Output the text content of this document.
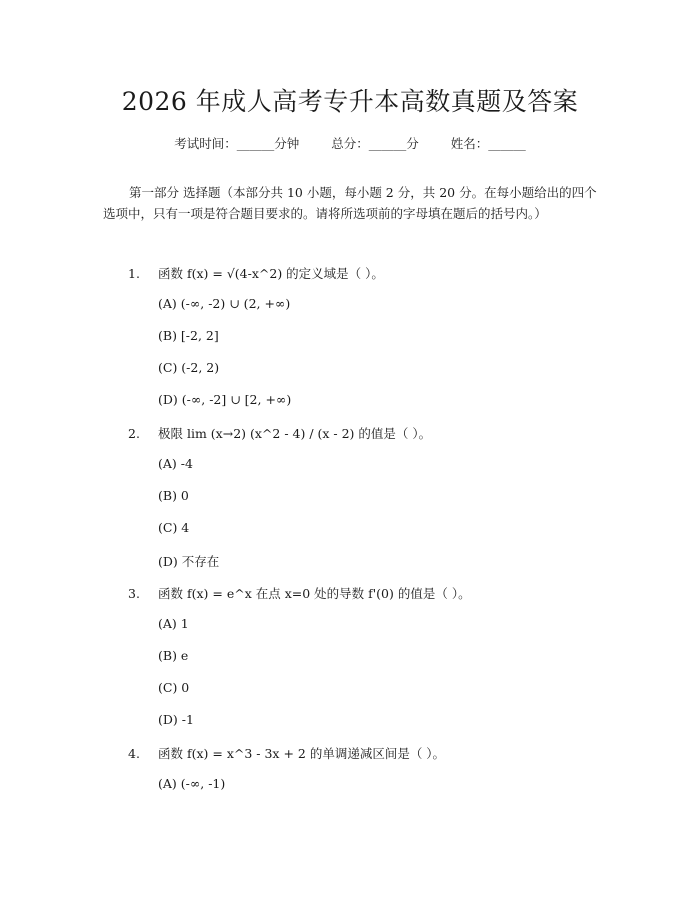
2026 年成人高考专升本高数真题及答案
考试时间：______分钟	总分：______分	姓名：______
第一部分 选择题（本部分共 10 小题，每小题 2 分，共 20 分。在每小题给出的四个选项中，只有一项是符合题目要求的。请将所选项前的字母填在题后的括号内。）
1. 函数 f(x) = √(4-x^2) 的定义域是（ ）。
(A) (-∞, -2) ∪ (2, +∞)
(B) [-2, 2]
(C) (-2, 2)
(D) (-∞, -2] ∪ [2, +∞)
2. 极限 lim (x→2) (x^2 - 4) / (x - 2) 的值是（ ）。
(A) -4
(B) 0
(C) 4
(D) 不存在
3. 函数 f(x) = e^x 在点 x=0 处的导数 f'(0) 的值是（ ）。
(A) 1
(B) e
(C) 0
(D) -1
4. 函数 f(x) = x^3 - 3x + 2 的单调递减区间是（ ）。
(A) (-∞, -1)
